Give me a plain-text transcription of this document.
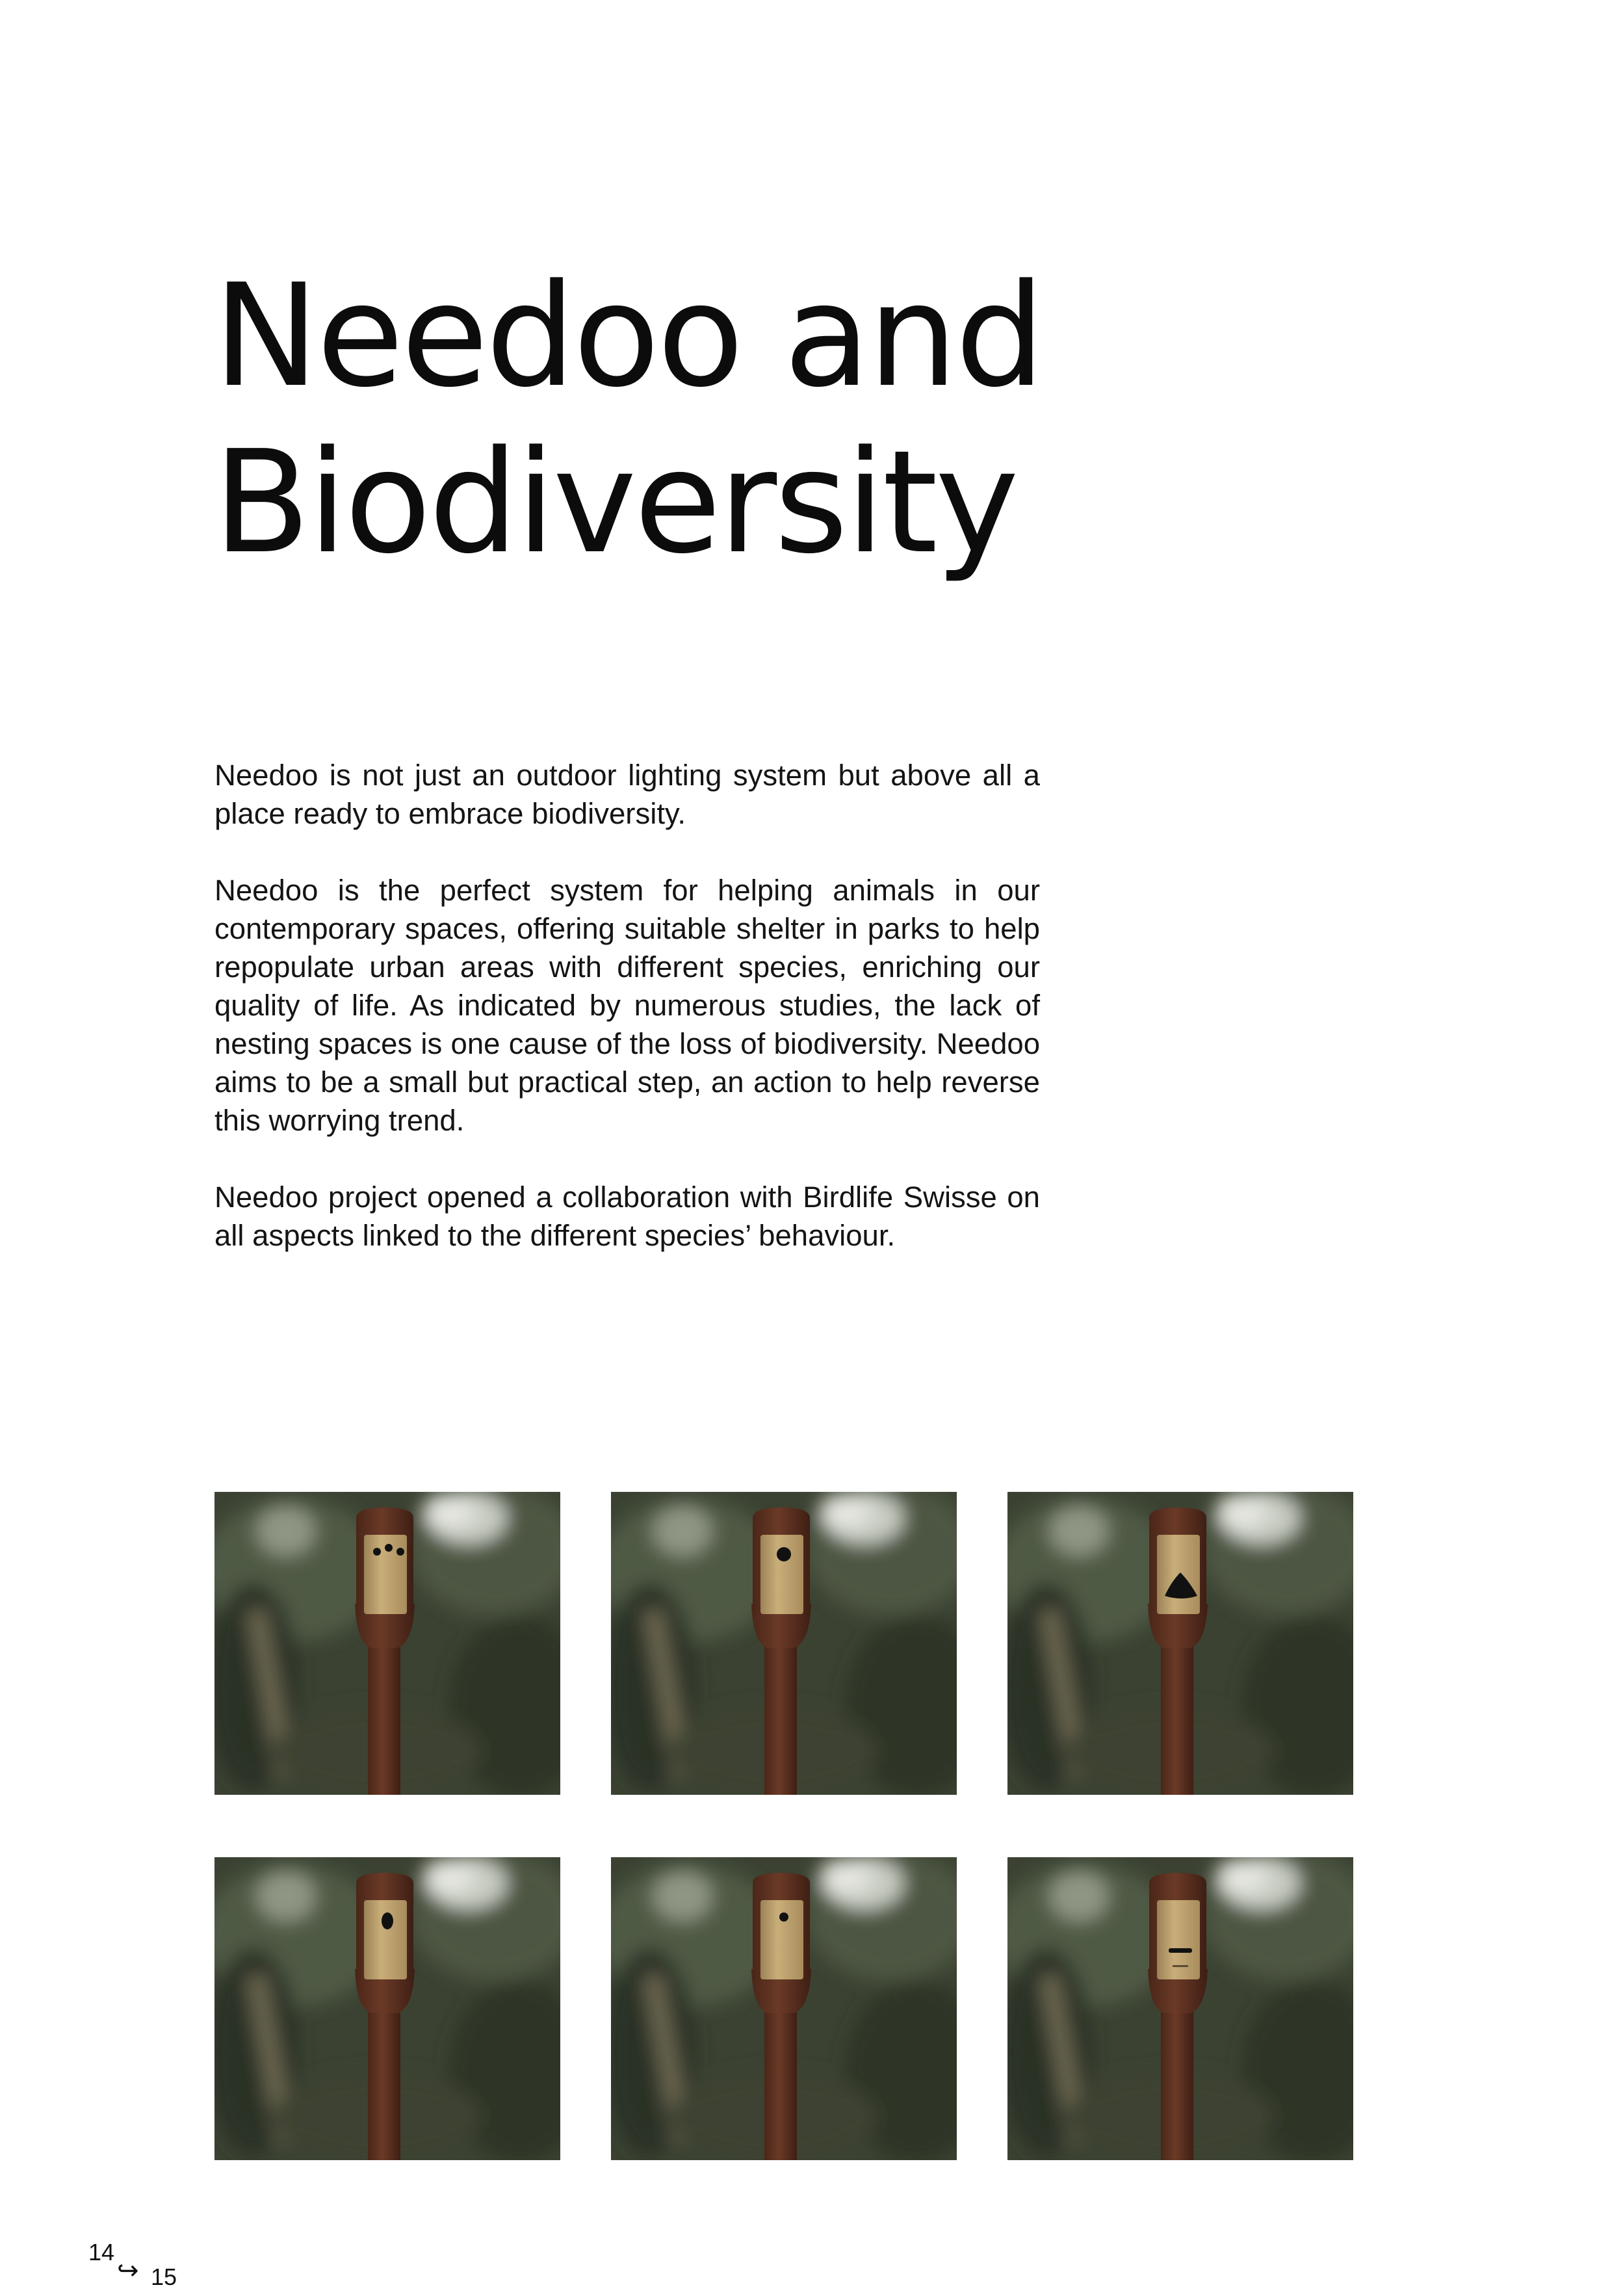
Needoo and
Biodiversity

Needoo is not just an outdoor lighting system but above all a place ready to embrace biodiversity.

Needoo is the perfect system for helping animals in our contemporary spaces, offering suitable shelter in parks to help repopulate urban areas with different species, enriching our quality of life. As indicated by numerous studies, the lack of nesting spaces is one cause of the loss of biodiversity. Needoo aims to be a small but practical step, an action to help reverse this worrying trend.

Needoo project opened a collaboration with Birdlife Swisse on all aspects linked to the different species’ behaviour.

14
↪ 15
